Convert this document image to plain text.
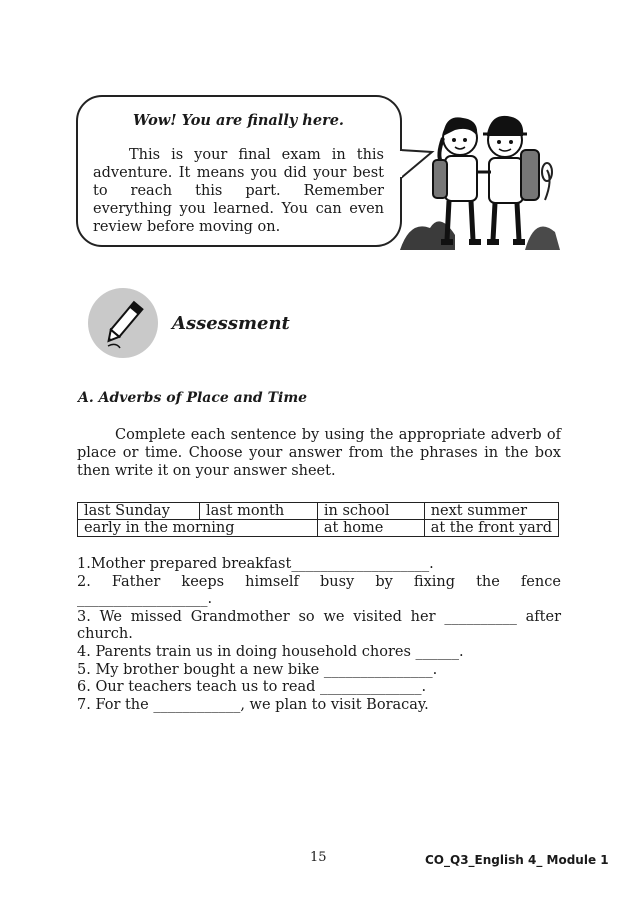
Wow! You are finally here.
This is your final exam in this adventure. It means you did your best to reach this part. Remember everything you learned. You can even review before moving on.
Assessment
A. Adverbs of Place and Time
Complete each sentence by using the appropriate adverb of place or time. Choose your answer from the phrases in the box then write it on your answer sheet.
last Sunday	last month	in school	next summer
early in the morning		at home	at the front yard

1.Mother prepared breakfast___________________.

2. Father keeps himself busy by fixing the fence

__________________.

3. We missed Grandmother so we visited her __________ after

church.

4. Parents train us in doing household chores ______.

5. My brother bought a new bike _______________.

6. Our teachers teach us to read ______________.

7. For the ____________, we plan to visit Boracay.

15	CO_Q3_English 4_ Module 1
